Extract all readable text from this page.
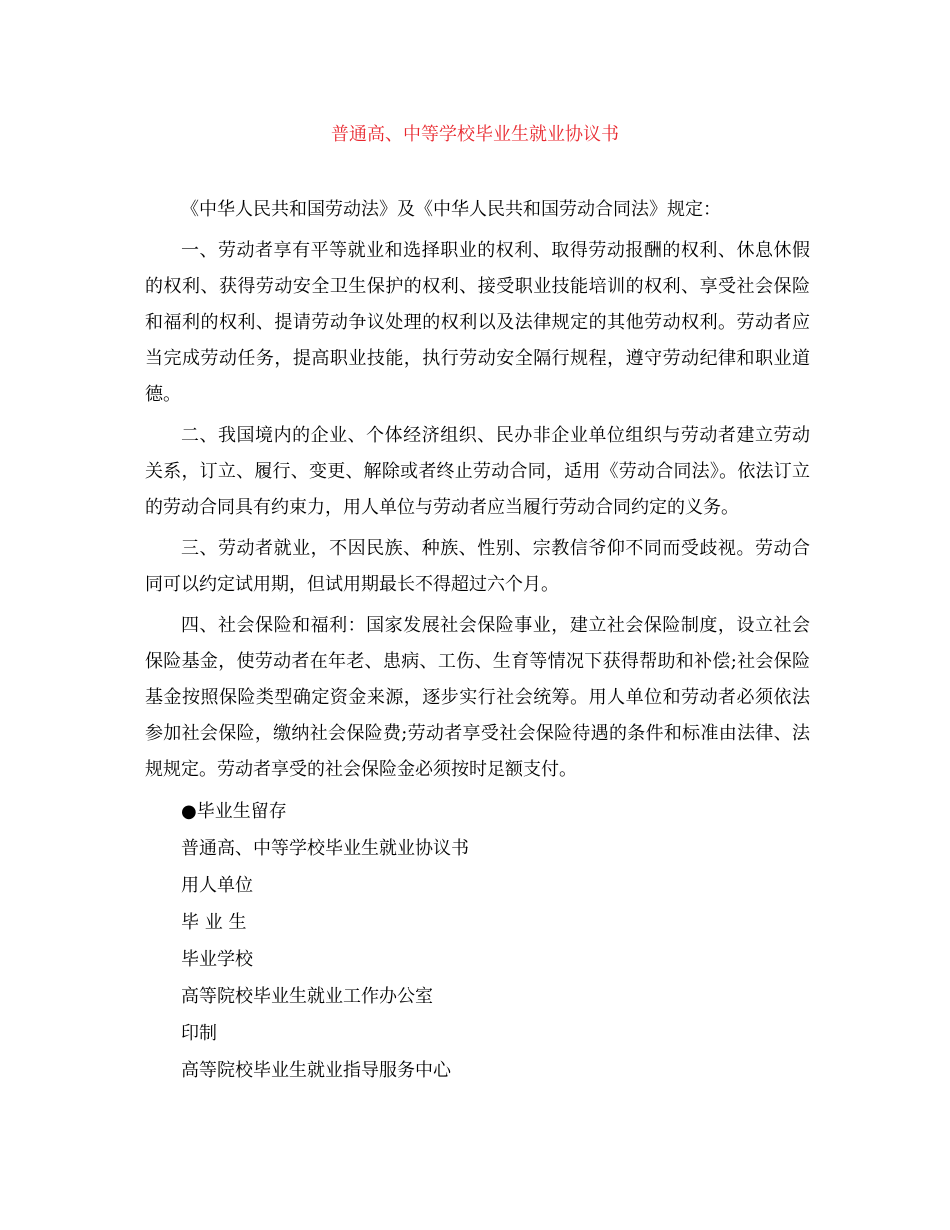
普通高、中等学校毕业生就业协议书

《中华人民共和国劳动法》及《中华人民共和国劳动合同法》规定：

一、劳动者享有平等就业和选择职业的权利、取得劳动报酬的权利、休息休假的权利、获得劳动安全卫生保护的权利、接受职业技能培训的权利、享受社会保险和福利的权利、提请劳动争议处理的权利以及法律规定的其他劳动权利。劳动者应当完成劳动任务，提高职业技能，执行劳动安全隔行规程，遵守劳动纪律和职业道德。

二、我国境内的企业、个体经济组织、民办非企业单位组织与劳动者建立劳动关系，订立、履行、变更、解除或者终止劳动合同，适用《劳动合同法》。依法订立的劳动合同具有约束力，用人单位与劳动者应当履行劳动合同约定的义务。

三、劳动者就业，不因民族、种族、性别、宗教信爷仰不同而受歧视。劳动合同可以约定试用期，但试用期最长不得超过六个月。

四、社会保险和福利：国家发展社会保险事业，建立社会保险制度，设立社会保险基金，使劳动者在年老、患病、工伤、生育等情况下获得帮助和补偿;社会保险基金按照保险类型确定资金来源，逐步实行社会统筹。用人单位和劳动者必须依法参加社会保险，缴纳社会保险费;劳动者享受社会保险待遇的条件和标准由法律、法规规定。劳动者享受的社会保险金必须按时足额支付。

●毕业生留存

普通高、中等学校毕业生就业协议书

用人单位

毕 业 生

毕业学校

高等院校毕业生就业工作办公室

印制

高等院校毕业生就业指导服务中心
